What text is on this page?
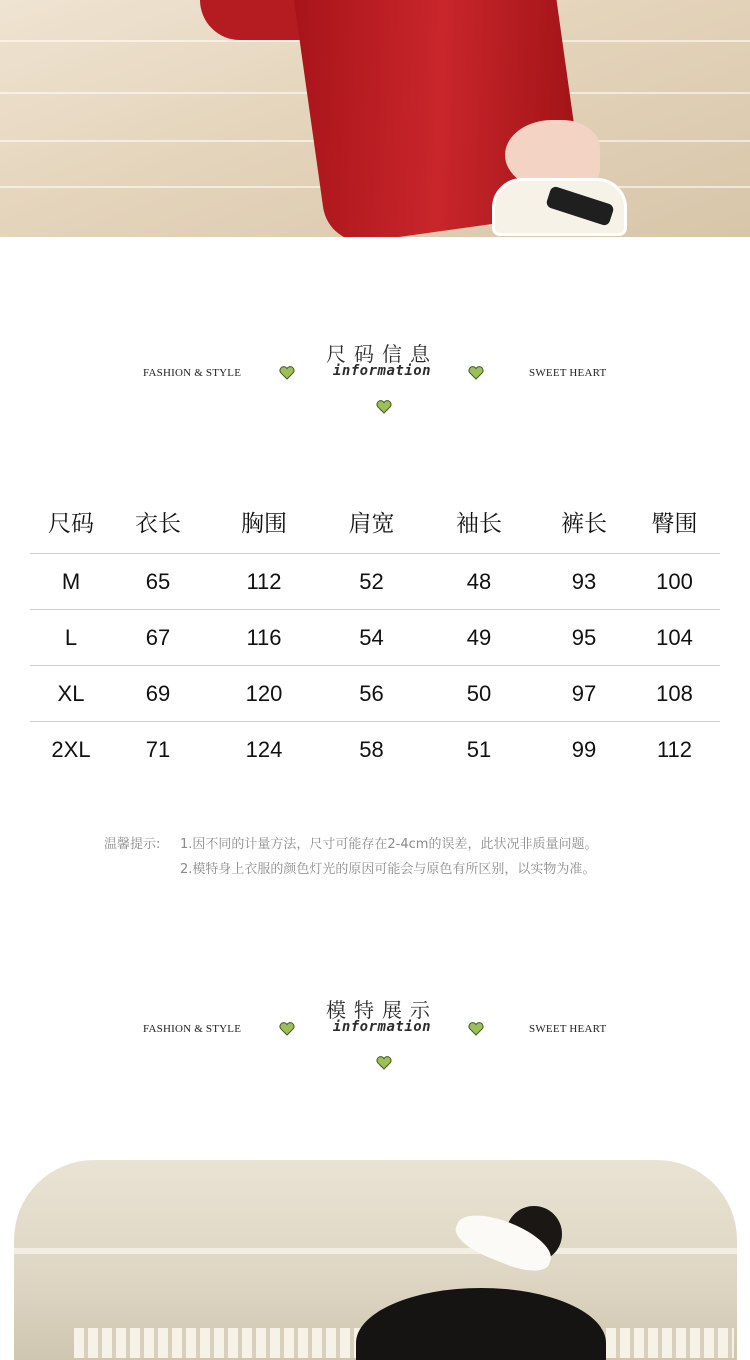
尺码信息
FASHION & STYLE	information	SWEET HEART
尺码	衣长	胸围	肩宽	袖长	裤长	臀围
M	65	112	52	48	93	100
L	67	116	54	49	95	104
XL	69	120	56	50	97	108
2XL	71	124	58	51	99	112
温馨提示: 1.因不同的计量方法，尺寸可能存在2-4cm的误差，此状况非质量问题。
2.模特身上衣服的颜色灯光的原因可能会与原色有所区别，以实物为准。
模特展示
FASHION & STYLE	information	SWEET HEART
